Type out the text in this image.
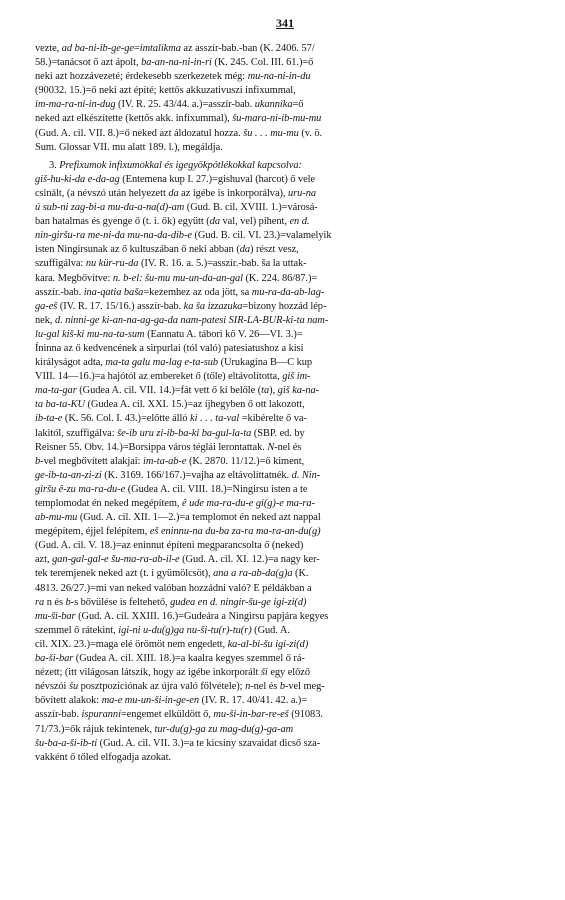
341
vezte, ad ba-ni-ib-ge-ge=imtalikma az asszír-bab.-ban (K. 2406. 57/
58.)=tanácsot ő azt ápolt, ba-an-na-ni-in-ri (K. 245. Col. III. 61.)=ő
neki azt hozzávezeté; érdekesebb szerkezetek még: mu-na-ni-in-du
(90032. 15.)=ő neki azt építé; kettős akkuzativuszi infixummal,
im-ma-ra-ni-in-dug (IV. R. 25. 43/44. a.)=asszír-bab. ukannika=ő
neked azt elkészítette (kettős akk. infixummal), šu-mara-ni-ib-mu-mu
(Gud. A. cil. VII. 8.)=ő neked azt áldozatul hozza. šu . . . mu-mu (v. ö.
Sum. Glossar VII. mu alatt 189. l.), megáldja.
3. Prefixumok infixumokkal és igegyökpótlékokkal kapcsolva:
giš-hu-ki-da e-da-ag (Entemena kup I. 27.)=gishuval (harcot) ő vele
csinált, (a névszó után helyezett da az igébe is inkorporálva), uru-na
ú sub-ni zag-bi-a mu-da-a-na(d)-am (Gud. B. cil. XVIII. 1.)=városá-
ban hatalmas és gyenge ő (t. i. ők) együtt (da val, vel) pihent, en d.
nin-giršu-ra me-ni-da mu-na-da-dib-e (Gud. B. cil. VI. 23.)=valamelyik
isten Ningirsunak az ő kultuszában ő neki abban (da) részt vesz,
szuffigálva: nu kür-ru-da (IV. R. 16. a. 5.)=asszír.-bab. ša la uttak-
kara. Megbővítve: n. b-el: šu-mu mu-un-da-an-gal (K. 224. 86/87.)=
asszír.-bab. ina-qatia baša=kezemhez az oda jött, sa mu-ra-da-ab-lag-
ga-eš (IV. R. 17. 15/16.) asszír-bab. ka ša izzazuka=bizony hozzád lép-
nek, d. ninni-ge ki-an-na-ag-ga-da nam-patesi SIR-LA-BUR-ki-ta nam-
lu-gal kiš-ki mu-na-ta-sum (Eannatu A. tábori kő V. 26—VI. 3.)=
Íninna az ő kedvencének a sirpurlai (tól való) patesiatushoz a kisi
királyságot adta, ma-ta galu ma-lag e-ta-sub (Urukagina B—C kup
VIII. 14—16.)=a hajótól az embereket ő (tőle) eltávolította, giš im-
ma-ta-gar (Gudea A. cil. VII. 14.)=fát vett ő ki belőle (ta), giš ka-na-
ta ba-ta-KU (Gudea A. cil. XXI. 15.)=az íjhegyben ő ott lakozott,
ib-ta-e (K. 56. Col. I. 43.)=előtte álló ki . . . ta-val =kibérelte ő va-
lakitól, szuffigálva: še-ib uru zi-ib-ba-ki ba-gul-la-ta (SBP. ed. by
Reisner 55. Obv. 14.)=Borsippa város téglái lerontattak. N-nel és
b-vel megbővített alakjai: im-ta-ab-e (K. 2870. 11/12.)=ő kiment,
ge-ib-ta-an-zi-zi (K. 3169. 166/167.)=vajha az eltávolíttatnék. d. Nin-
giršu ê-zu ma-ra-du-e (Gudea A. cil. VIII. 18.)=Ningirsu isten a te
templomodat én neked megépítem, ê ude ma-ra-du-e gi(g)-e ma-ra-
ab-mu-mu (Gud. A. cil. XII. 1—2.)=a templomot én neked azt nappal
megépítem, éjjel felépítem, eš eninnu-na du-ba za-ra ma-ra-an-du(g)
(Gud. A. cil. V. 18.)=az eninnut építeni megparancsolta ő (neked)
azt, gan-gal-gal-e šu-ma-ra-ab-il-e (Gud. A. cil. XI. 12.)=a nagy ker-
tek teremjenek neked azt (t. i gyümölcsöt), ana a ra-ab-da(g)a (K.
4813. 26/27.)=mi van neked valóban hozzádni való? E példákban a
ra n és b-s bővülése is feltehető, gudea en d. ningir-šu-ge igi-zi(d)
mu-ši-bar (Gud. A. cil. XXIII. 16.)=Gudeára a Ningirsu papjára kegyes
szemmel ő rátekint, igi-ni u-du(g)ga nu-ši-tu(r)-tu(r) (Gud. A.
cil. XIX. 23.)=maga elé örömöt nem engedett, ka-al-bi-šu igi-zi(d)
ba-ši-bar (Gudea A. cil. XIII. 18.)=a kaalra kegyes szemmel ő rá-
nézett; (itt világosan látszik, hogy az igébe inkorporált ši egy előző
névszói šu posztpozíciónak az újra való fölvétele); n-nel és b-vel meg-
bővített alakok: ma-e mu-un-ši-in-ge-en (IV. R. 17. 40/41. 42. a.)=
asszír-bab. ispuranni=engemet elküldött ő, mu-ši-in-bar-re-eš (91083.
71/73.)=ők rájuk tekintenek, tur-du(g)-ga zu mag-du(g)-ga-am
šu-ba-a-ši-ib-ti (Gud. A. cil. VII. 3.)=a te kicsiny szavaidat dicső sza-
vakként ő tőled elfogadja azokat.
